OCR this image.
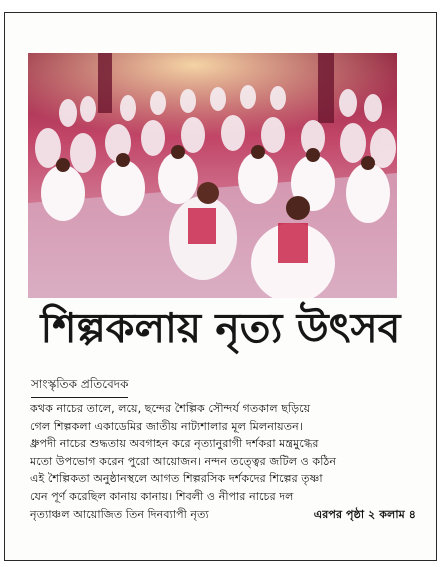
শিল্পকলায় নৃত্য উৎসব
সাংস্কৃতিক প্রতিবেদক
কথক নাচের তালে, লয়ে, ছন্দের শৈল্পিক সৌন্দর্য গতকাল ছড়িয়ে
গেল শিল্পকলা একাডেমির জাতীয় নাট্যশালার মূল মিলনায়তন।
ধ্রুপদী নাচের শুদ্ধতায় অবগাহন করে নৃত্যানুরাগী দর্শকরা মন্ত্রমুগ্ধের
মতো উপভোগ করেন পুরো আয়োজন। নন্দন তত্ত্বের জটিল ও কঠিন
এই শৈল্পিকতা অনুষ্ঠানস্থলে আগত শিল্পরসিক দর্শকদের শিল্পের তৃষ্ণা
যেন পূর্ণ করেছিল কানায় কানায়। শিবলী ও নীপার নাচের দল
নৃত্যাঞ্চল আয়োজিত তিন দিনব্যাপী নৃত্য	এরপর পৃষ্ঠা ২ কলাম ৪
